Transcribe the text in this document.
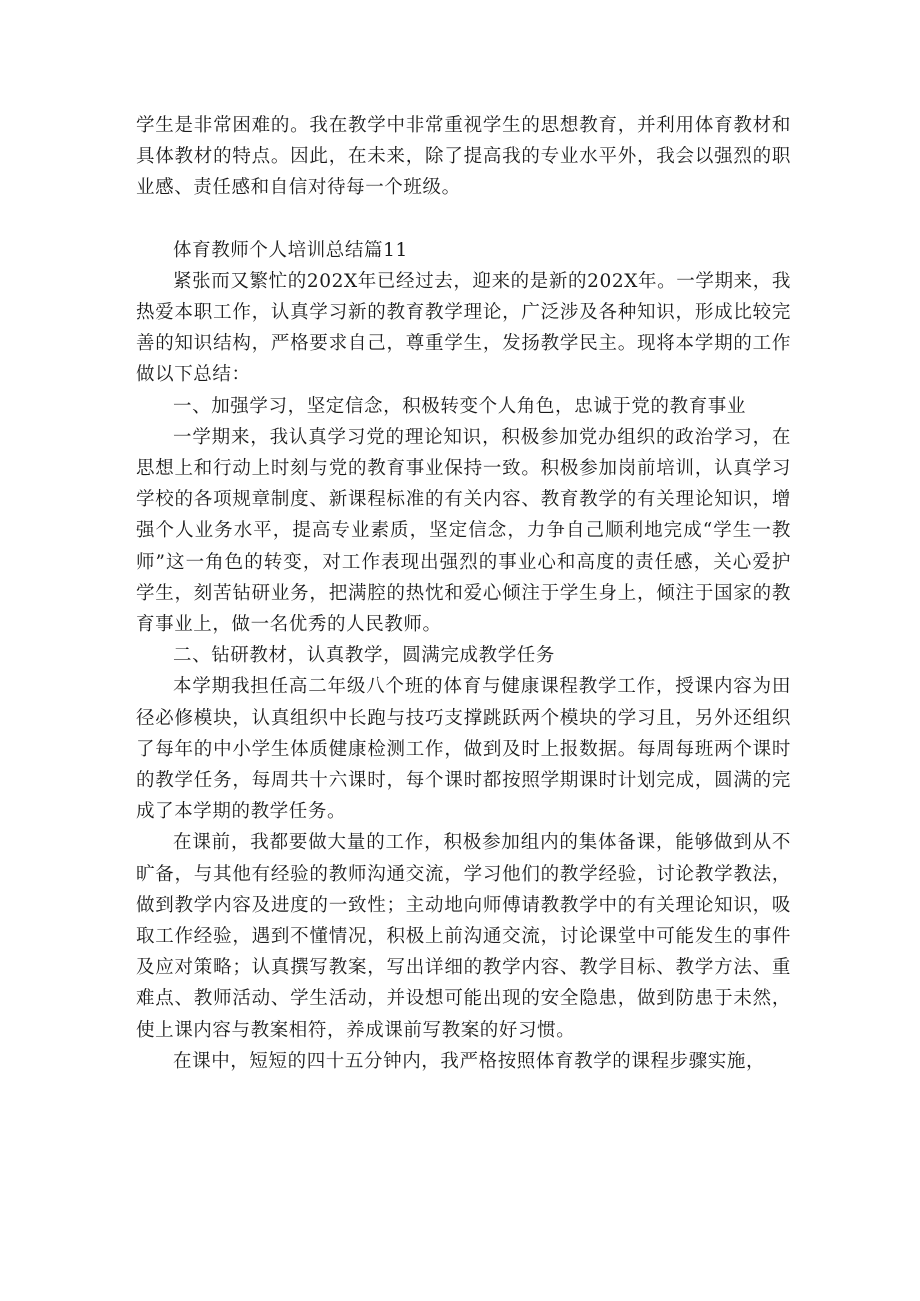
学生是非常困难的。我在教学中非常重视学生的思想教育，并利用体育教材和具体教材的特点。因此，在未来，除了提高我的专业水平外，我会以强烈的职业感、责任感和自信对待每一个班级。

体育教师个人培训总结篇11

紧张而又繁忙的202X年已经过去，迎来的是新的202X年。一学期来，我热爱本职工作，认真学习新的教育教学理论，广泛涉及各种知识，形成比较完善的知识结构，严格要求自己，尊重学生，发扬教学民主。现将本学期的工作做以下总结：

一、加强学习，坚定信念，积极转变个人角色，忠诚于党的教育事业

一学期来，我认真学习党的理论知识，积极参加党办组织的政治学习，在思想上和行动上时刻与党的教育事业保持一致。积极参加岗前培训，认真学习学校的各项规章制度、新课程标准的有关内容、教育教学的有关理论知识，增强个人业务水平，提高专业素质，坚定信念，力争自己顺利地完成“学生一教师”这一角色的转变，对工作表现出强烈的事业心和高度的责任感，关心爱护学生，刻苦钻研业务，把满腔的热忱和爱心倾注于学生身上，倾注于国家的教育事业上，做一名优秀的人民教师。

二、钻研教材，认真教学，圆满完成教学任务

本学期我担任高二年级八个班的体育与健康课程教学工作，授课内容为田径必修模块，认真组织中长跑与技巧支撑跳跃两个模块的学习且，另外还组织了每年的中小学生体质健康检测工作，做到及时上报数据。每周每班两个课时的教学任务，每周共十六课时，每个课时都按照学期课时计划完成，圆满的完成了本学期的教学任务。

在课前，我都要做大量的工作，积极参加组内的集体备课，能够做到从不旷备，与其他有经验的教师沟通交流，学习他们的教学经验，讨论教学教法，做到教学内容及进度的一致性；主动地向师傅请教教学中的有关理论知识，吸取工作经验，遇到不懂情况，积极上前沟通交流，讨论课堂中可能发生的事件及应对策略；认真撰写教案，写出详细的教学内容、教学目标、教学方法、重难点、教师活动、学生活动，并设想可能出现的安全隐患，做到防患于未然，使上课内容与教案相符，养成课前写教案的好习惯。

在课中，短短的四十五分钟内，我严格按照体育教学的课程步骤实施，
